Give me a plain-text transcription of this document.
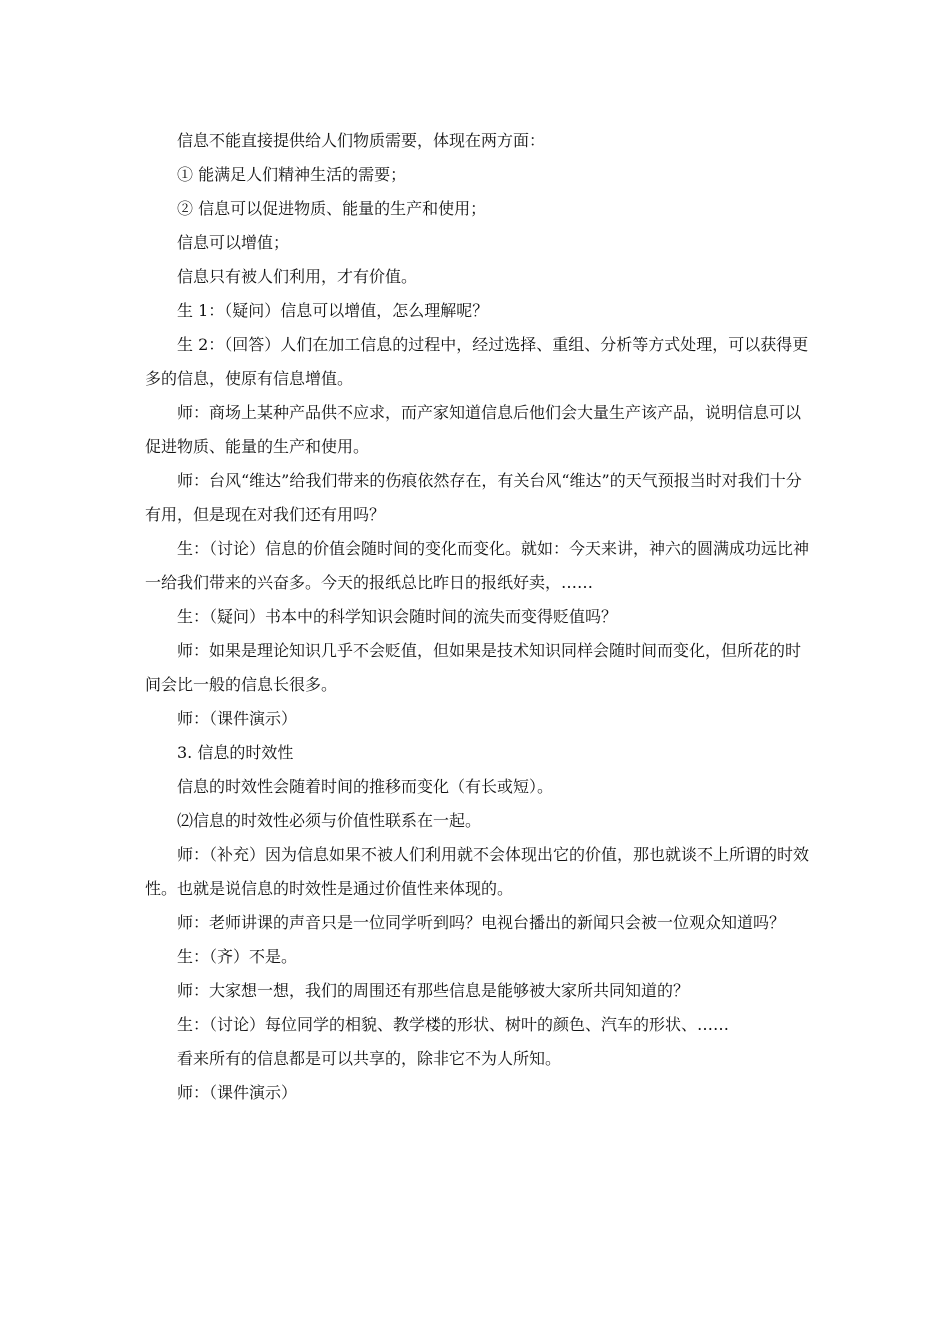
信息不能直接提供给人们物质需要，体现在两方面：

① 能满足人们精神生活的需要；

② 信息可以促进物质、能量的生产和使用；

信息可以增值；

信息只有被人们利用，才有价值。

生 1：（疑问）信息可以增值，怎么理解呢？

生 2：（回答）人们在加工信息的过程中，经过选择、重组、分析等方式处理，可以获得更多的信息，使原有信息增值。

师：商场上某种产品供不应求，而产家知道信息后他们会大量生产该产品，说明信息可以促进物质、能量的生产和使用。

师：台风“维达”给我们带来的伤痕依然存在，有关台风“维达”的天气预报当时对我们十分有用，但是现在对我们还有用吗？

生：（讨论）信息的价值会随时间的变化而变化。就如：今天来讲，神六的圆满成功远比神一给我们带来的兴奋多。今天的报纸总比昨日的报纸好卖，……

生：（疑问）书本中的科学知识会随时间的流失而变得贬值吗？

师：如果是理论知识几乎不会贬值，但如果是技术知识同样会随时间而变化，但所花的时间会比一般的信息长很多。

师：（课件演示）

3. 信息的时效性

信息的时效性会随着时间的推移而变化（有长或短）。

⑵信息的时效性必须与价值性联系在一起。

师：（补充）因为信息如果不被人们利用就不会体现出它的价值，那也就谈不上所谓的时效性。也就是说信息的时效性是通过价值性来体现的。

师：老师讲课的声音只是一位同学听到吗？电视台播出的新闻只会被一位观众知道吗？

生：（齐）不是。

师：大家想一想，我们的周围还有那些信息是能够被大家所共同知道的？

生：（讨论）每位同学的相貌、教学楼的形状、树叶的颜色、汽车的形状、……

看来所有的信息都是可以共享的，除非它不为人所知。

师：（课件演示）
